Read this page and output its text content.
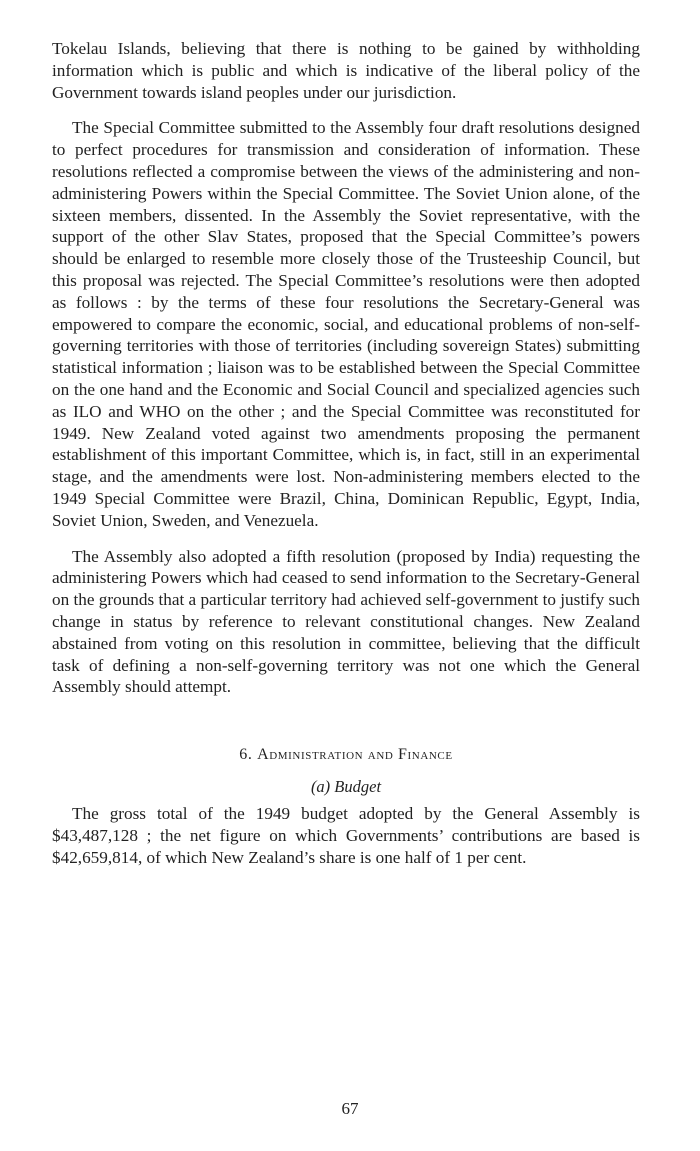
Tokelau Islands, believing that there is nothing to be gained by withholding information which is public and which is indicative of the liberal policy of the Government towards island peoples under our jurisdiction.

The Special Committee submitted to the Assembly four draft resolutions designed to perfect procedures for transmission and consideration of information. These resolutions reflected a compromise between the views of the administering and non-administering Powers within the Special Committee. The Soviet Union alone, of the sixteen members, dissented. In the Assembly the Soviet representative, with the support of the other Slav States, proposed that the Special Committee’s powers should be enlarged to resemble more closely those of the Trusteeship Council, but this proposal was rejected. The Special Committee’s resolutions were then adopted as follows : by the terms of these four resolutions the Secretary-General was empowered to compare the economic, social, and educational problems of non-self-governing territories with those of territories (including sovereign States) submitting statistical information ; liaison was to be established between the Special Committee on the one hand and the Economic and Social Council and specialized agencies such as ILO and WHO on the other ; and the Special Committee was reconstituted for 1949. New Zealand voted against two amendments proposing the permanent establishment of this important Committee, which is, in fact, still in an experimental stage, and the amendments were lost. Non-administering members elected to the 1949 Special Committee were Brazil, China, Dominican Republic, Egypt, India, Soviet Union, Sweden, and Venezuela.

The Assembly also adopted a fifth resolution (proposed by India) requesting the administering Powers which had ceased to send information to the Secretary-General on the grounds that a particular territory had achieved self-government to justify such change in status by reference to relevant constitutional changes. New Zealand abstained from voting on this resolution in committee, believing that the difficult task of defining a non-self-governing territory was not one which the General Assembly should attempt.

6. Administration and Finance
(a) Budget

The gross total of the 1949 budget adopted by the General Assembly is $43,487,128 ; the net figure on which Governments’ contributions are based is $42,659,814, of which New Zealand’s share is one half of 1 per cent.

67
